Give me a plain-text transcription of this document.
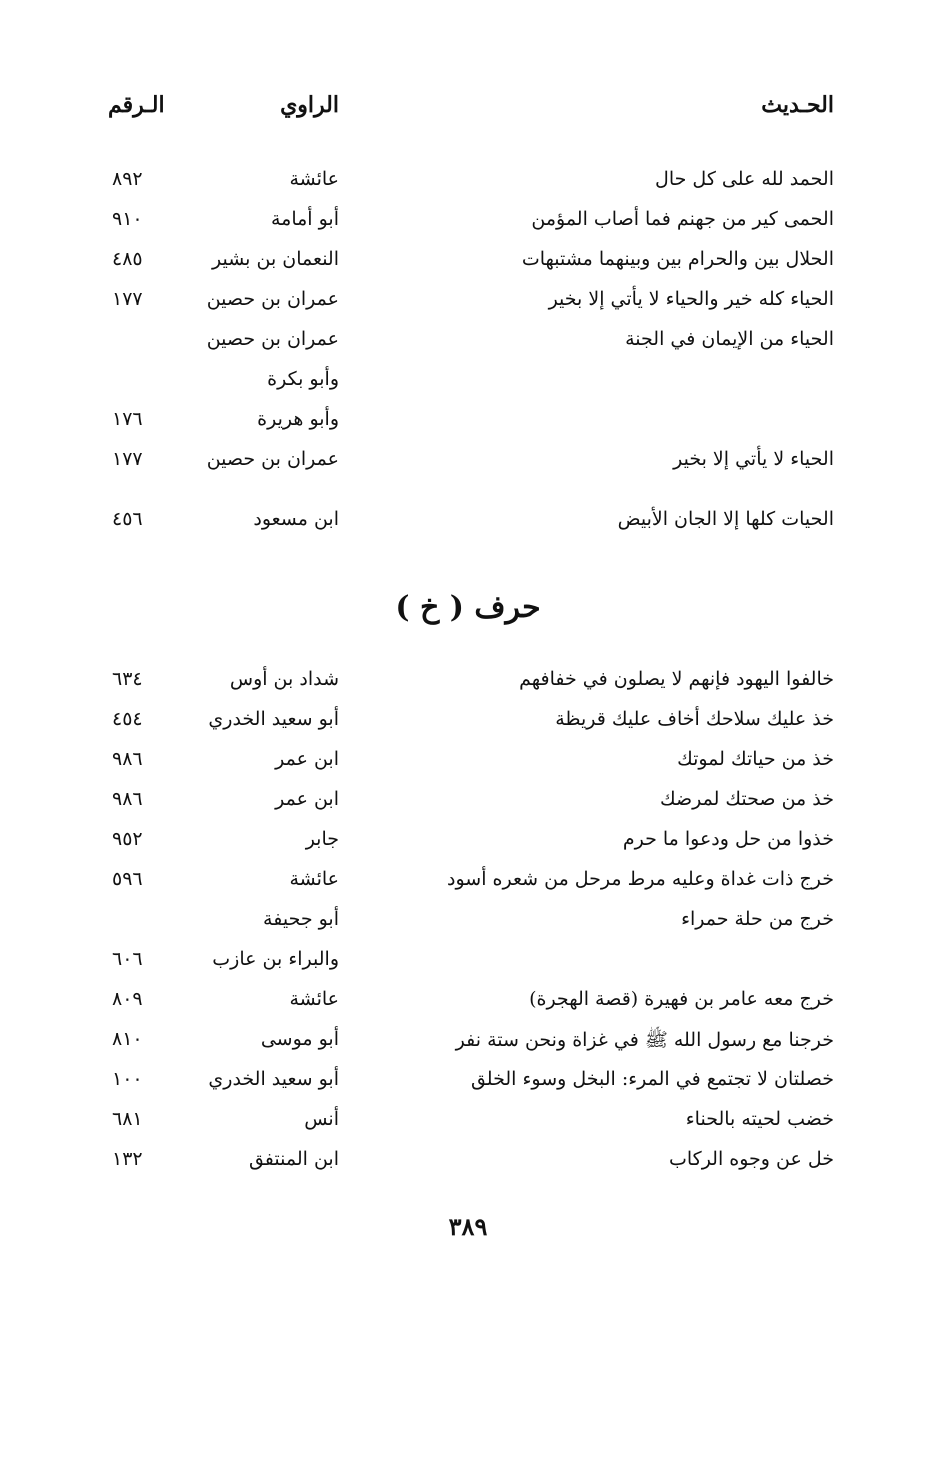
الحـديث
الراوي
الـرقم
الحمد لله على كل حال
عائشة
٨٩٢
الحمى كير من جهنم فما أصاب المؤمن
أبو أمامة
٩١٠
الحلال بين والحرام بين وبينهما مشتبهات
النعمان بن بشير
٤٨٥
الحياء كله خير والحياء لا يأتي إلا بخير
عمران بن حصين
١٧٧
الحياء من الإيمان في الجنة
عمران بن حصين
وأبو بكرة
وأبو هريرة
١٧٦
الحياء لا يأتي إلا بخير
عمران بن حصين
١٧٧
الحيات كلها إلا الجان الأبيض
ابن مسعود
٤٥٦
خالفوا اليهود فإنهم لا يصلون في خفافهم
شداد بن أوس
٦٣٤
خذ عليك سلاحك أخاف عليك قريظة
أبو سعيد الخدري
٤٥٤
خذ من حياتك لموتك
ابن عمر
٩٨٦
خذ من صحتك لمرضك
ابن عمر
٩٨٦
خذوا من حل ودعوا ما حرم
جابر
٩٥٢
خرج ذات غداة وعليه مرط مرحل من شعره أسود
عائشة
٥٩٦
خرج من حلة حمراء
أبو جحيفة
والبراء بن عازب
٦٠٦
خرج معه عامر بن فهيرة (قصة الهجرة)
عائشة
٨٠٩
خرجنا مع رسول الله ﷺ في غزاة ونحن ستة نفر
أبو موسى
٨١٠
خصلتان لا تجتمع في المرء: البخل وسوء الخلق
أبو سعيد الخدري
١٠٠
خضب لحيته بالحناء
أنس
٦٨١
خل عن وجوه الركاب
ابن المنتفق
١٣٢
حرف ( خ )
٣٨٩
